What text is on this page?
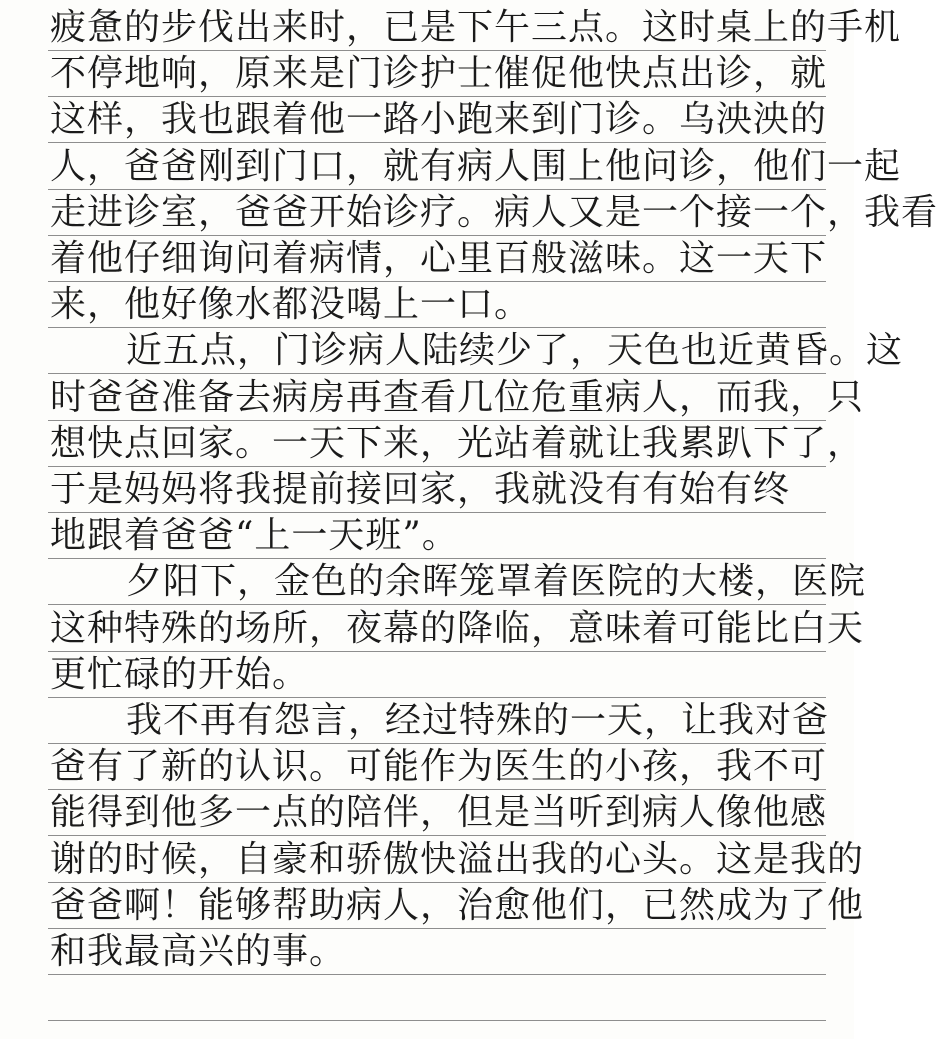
疲惫的步伐出来时，已是下午三点。这时桌上的手机
不停地响，原来是门诊护士催促他快点出诊，就
这样，我也跟着他一路小跑来到门诊。乌泱泱的
人，爸爸刚到门口，就有病人围上他问诊，他们一起
走进诊室，爸爸开始诊疗。病人又是一个接一个，我看
着他仔细询问着病情，心里百般滋味。这一天下
来，他好像水都没喝上一口。
近五点，门诊病人陆续少了，天色也近黄昏。这
时爸爸准备去病房再查看几位危重病人，而我，只
想快点回家。一天下来，光站着就让我累趴下了，
于是妈妈将我提前接回家，我就没有有始有终
地跟着爸爸“上一天班”。
夕阳下，金色的余晖笼罩着医院的大楼，医院
这种特殊的场所，夜幕的降临，意味着可能比白天
更忙碌的开始。
我不再有怨言，经过特殊的一天，让我对爸
爸有了新的认识。可能作为医生的小孩，我不可
能得到他多一点的陪伴，但是当听到病人像他感
谢的时候，自豪和骄傲快溢出我的心头。这是我的
爸爸啊！能够帮助病人，治愈他们，已然成为了他
和我最高兴的事。
